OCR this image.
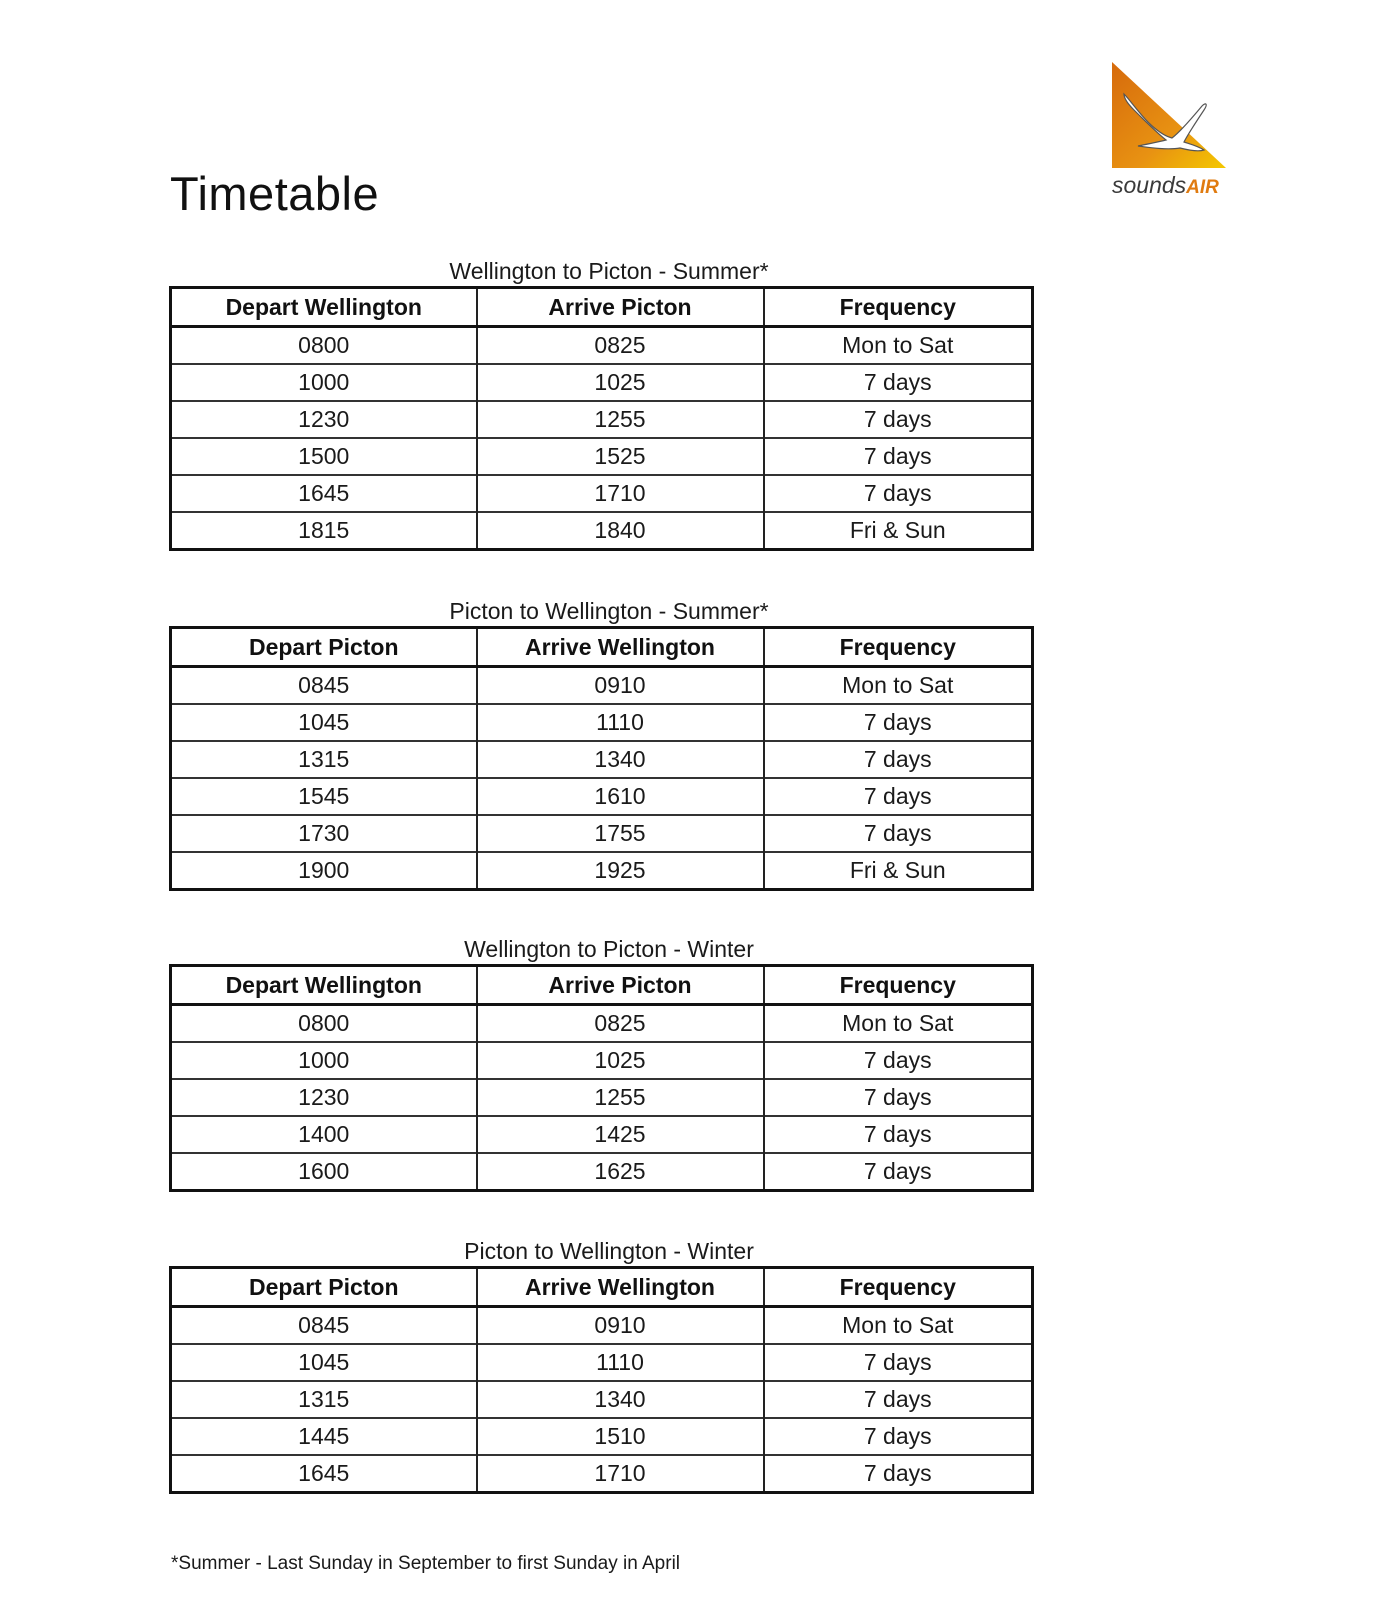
soundsAIR
Timetable
Wellington to Picton - Summer*
Depart Wellington	Arrive Picton	Frequency
0800	0825	Mon to Sat
1000	1025	7 days
1230	1255	7 days
1500	1525	7 days
1645	1710	7 days
1815	1840	Fri & Sun
Picton to Wellington - Summer*
Depart Picton	Arrive Wellington	Frequency
0845	0910	Mon to Sat
1045	1110	7 days
1315	1340	7 days
1545	1610	7 days
1730	1755	7 days
1900	1925	Fri & Sun
Wellington to Picton - Winter
Depart Wellington	Arrive Picton	Frequency
0800	0825	Mon to Sat
1000	1025	7 days
1230	1255	7 days
1400	1425	7 days
1600	1625	7 days
Picton to Wellington - Winter
Depart Picton	Arrive Wellington	Frequency
0845	0910	Mon to Sat
1045	1110	7 days
1315	1340	7 days
1445	1510	7 days
1645	1710	7 days
*Summer - Last Sunday in September to first Sunday in April
